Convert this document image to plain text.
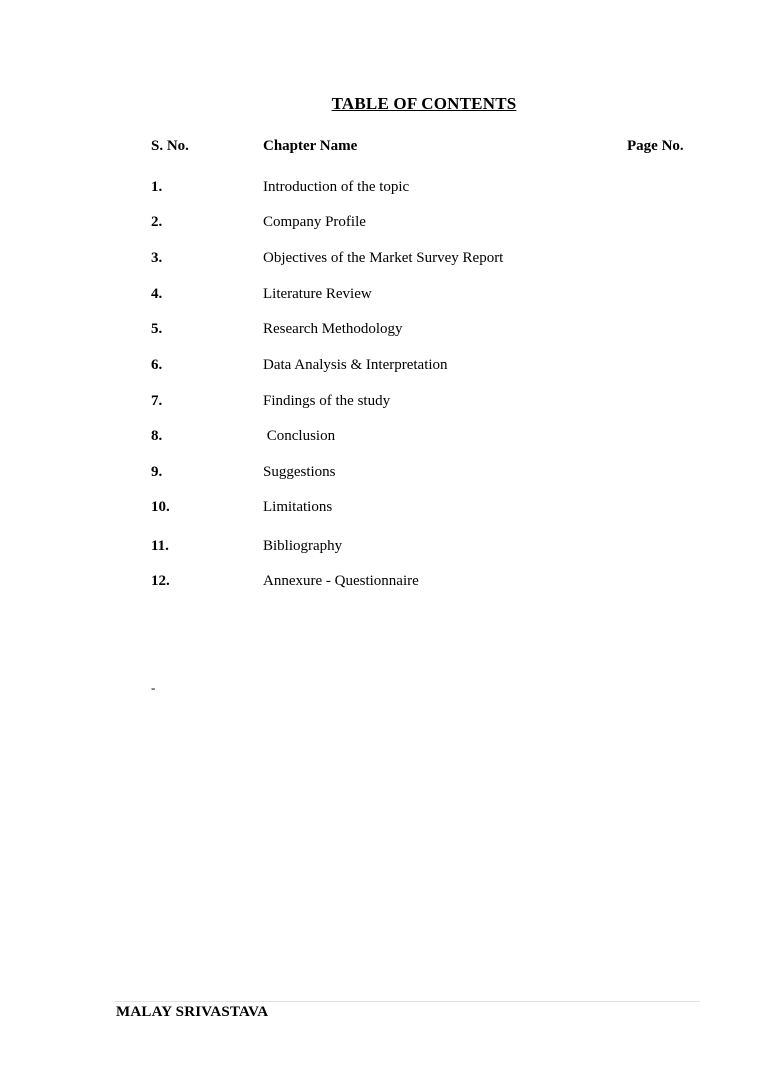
TABLE OF CONTENTS
S. No.	Chapter Name	Page No.
1.	Introduction of the topic
2.	Company Profile
3.	Objectives of the Market Survey Report
4.	Literature Review
5.	Research Methodology
6.	Data Analysis & Interpretation
7.	Findings of the study
8.	Conclusion
9.	Suggestions
10.	Limitations
11.	Bibliography
12.	Annexure - Questionnaire
-
MALAY SRIVASTAVA
